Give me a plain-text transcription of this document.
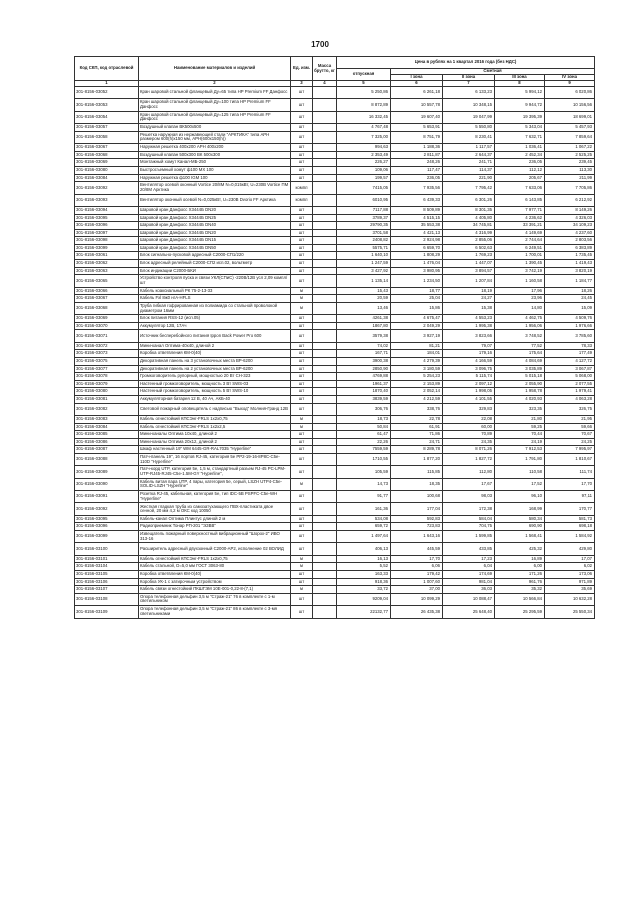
1700
Код СКП, код отраслевой	Наименование материалов и изделий	Ед. изм.	Масса брутто, кг	Цена в рублях на 1 квартал 2016 года (без НДС)				
				отпускная	Сметная			
					I зона	II зона	III зона	IV зона
1	2	3	4	5	6	7	8	9
301-8156-03052	Кран шаровой стальной фланцевый Ду=65 типа HP Premium FF Данфосс	шт		5 250,86	6 261,18	6 133,23	5 994,12	6 020,86
301-8156-03053	Кран шаровой стальной фланцевый Ду=100 типа HP Premium FF Данфосс	шт		8 872,89	10 557,78	10 348,15	9 944,72	10 156,56
301-8156-03054	Кран шаровой стальной фланцевый Ду=125 типа HP Premium FF Данфосс	шт		16 332,45	19 607,40	19 047,99	19 395,39	18 699,01
301-8156-03057	Воздушный клапан ВК500х500	шт		4 767,48	5 653,91	5 550,80	5 343,04	5 457,93
301-8156-03058	Решетка наружная из нержавеющей стали "АРКТИКА" типа АРН размером 600(h)х150 мм, АРН(600х150(h))	шт		7 325,00	8 751,79	8 230,41	7 632,71	7 859,64
301-8156-03067	Наружная решетка 400х200 АРН 400х200	шт		994,63	1 188,36	1 117,57	1 036,41	1 067,22
301-8156-03068	Воздушный клапан 500х300 ВК 500х300	шт		2 353,49	2 811,87	2 644,37	2 452,34	2 525,25
301-8156-03069	Монтажный хомут Канал-МБ-250	шт		226,27	248,26	241,71	236,05	239,45
301-8156-03080	Быстросъемный хомут ф100 MX 100	шт		109,06	117,47	114,37	112,12	113,30
301-8156-03084	Наружная решетка ф100 IGM 100	шт		199,57	236,05	221,90	205,67	211,99
301-8156-03092	Вентилятор осевой оконный Vortice 20/8M N=0,015кВт, U=230В Vortice ПМ 20/8М Арктика	компл		7415,05	7 935,56	7 795,42	7 633,06	7 705,86
301-8156-03093	Вентилятор оконный осевой N=0,025кВт, U=230В Dvorio FF Арктика	компл		6010,95	6 439,33	6 301,26	6 143,85	6 212,92
301-8156-03094	Шаровой кран Данфосс Х3444Б DN20	шт		7117,88	8 509,89	8 301,35	7 977,71	8 149,26
301-8156-03095	Шаровой кран Данфосс Х3444Б DN25	шт		3789,37	4 515,15	4 405,80	4 236,62	4 326,03
301-8156-03096	Шаровой кран Данфосс Х3444Б DN40	шт		29790,35	35 553,38	34 745,81	33 391,21	34 109,23
301-8156-03097	Шаровой кран Данфосс Х3444Б DN20	шт		3701,58	4 421,13	4 316,99	4 149,69	4 237,60
301-8156-03098	Шаровой кран Данфосс Х3444Б DN15	шт		2408,82	2 924,98	2 855,06	2 744,64	2 803,56
301-8156-03099	Шаровой кран Данфосс Х3444Б DN50	шт		5575,71	6 659,70	6 502,63	6 249,51	6 383,89
301-8156-03061	Блок сигнально-пусковой адресный С2000-СП1/220	шт		1 640,10	1 808,29	1 769,23	1 700,01	1 735,45
301-8156-03062	Блок адресный релейный С2000-СП2 исп.02, вольтметр	шт		1 247,59	1 476,04	1 447,07	1 390,45	1 419,43
301-8156-03063	Блок индикации С2000-БКИ	шт		3 427,92	3 980,95	3 894,57	3 742,19	3 820,19
301-8156-03065	Устройство контроля пуска и связи УКЛ(СПиС) -220В/12В усл 2,09 компл/шт	шт		1 135,14	1 234,50	1 207,84	1 160,58	1 184,77
301-8156-03066	Кабель коаксиальный РК 75-2-13-33	м		15,43	18,77	18,19	17,96	18,26
301-8156-03067	Кабель Fxl 8ж0 нгА-HFLS	м		20,59	25,04	24,27	23,96	24,45
301-8156-03068	Труба гибкая гофрированная из полиамида со стальной проволокой диаметром 16мм	м		13,46	15,86	15,38	14,80	15,09
301-8156-03069	Блок питания RSS-12 (исп.05)	шт		4261,38	4 675,47	4 553,23	4 462,75	4 509,76
301-8156-03070	Аккумулятор 12В, 17Ач	шт		1867,80	2 049,29	1 995,38	1 956,06	1 976,66
301-8156-03071	Источник бесперебойного питания Ippon Back Power Pro 600	шт		3579,38	3 927,19	3 823,66	3 748,52	3 785,60
301-8156-03072	Мини-канал Оптима-40х40, длиной 2	шт		74,02	81,21	79,07	77,52	78,33
301-8156-03073	Коробка ответвления КМ-0(40)	шт		167,71	184,01	179,16	175,64	177,49
301-8156-03075	Декоративная панель на 3 установочных места BP-6200	шт		3900,38	4 279,39	4 166,59	4 084,69	4 127,72
301-8156-03077	Декоративная панель на 2 установочных места BP-6200	шт		2850,90	3 180,59	3 096,75	3 035,89	3 067,87
301-8156-03078	Громкоговоритель рупорный, мощностью 20 Вт СН-323	шт		4769,88	5 254,23	5 115,74	5 015,18	5 068,00
301-8156-03079	Настенный громкоговоритель, мощность 3 Вт SWS-03	шт		1961,37	2 153,89	2 097,12	2 055,90	2 077,55
301-8156-03080	Настенный громкоговоритель, мощность 5 Вт SWS-10	шт		1870,40	2 052,14	1 998,05	1 958,78	1 979,41
301-8156-03081	Аккумуляторная батарея 12 В, 40 Ач, АКБ-40	шт		3839,59	4 212,59	4 101,55	4 020,93	4 063,28
301-8156-03082	Световой пожарный оповещатель с надписью "Выход" Молния-Гранд 12В	шт		306,76	338,76	329,83	323,35	326,75
301-8156-03083	Кабель огнестойкий КПСЭнг-FRLS 1х2х0,75	м		18,73	22,78	22,08	21,80	21,95
301-8156-03084	Кабель огнестойкий КПСЭнг-FRLS 1х2х2,5	м		50,84	61,91	60,00	59,25	59,66
301-8156-03085	Мини-каналы Оптима 10х40, длиной 2	шт		61,47	71,86	70,89	70,44	70,67
301-8156-03086	Мини-каналы Оптима 20х12, длиной 2	шт		22,26	24,71	24,35	24,19	24,25
301-8156-03087	Шкаф настенный 19" WM 6445-GR-RAL7035 "Hyperline"	шт		7559,59	8 289,78	8 071,26	7 912,53	7 995,97
301-8156-03088	Патч-панель 19", 16 портов RJ-45, категория 5е PP2-19-16-8P8C-C5e-110D "Hyperline"	шт		1710,55	1 877,20	1 827,72	1 791,80	1 810,67
301-8156-03089	Патч-корд UTP, категория 5е, 1,5 м, стандартный разъем RJ-45 PC-LPM-UTP-RJ45-RJ45-C5e-1.5M-GY "Hyperline",	шт		105,59	115,85	112,80	110,58	111,74
301-8156-03090	Кабель витая пара UTP, 4 пары, категория 5е, серый, LSZH UTP4-C5e-SOLID-LSZH "Hyperline"	м		14,73	18,35	17,67	17,52	17,70
301-8156-03091	Розетка RJ-45, кабельная, категория 5е, тип IDC-5B PSPFC-C5e-WH "Hyperline"	шт		91,77	100,68	98,03	96,10	97,11
301-8156-03092	Жесткая гладкая труба из самозатухающего ПВХ-пластиката двое сенной, 20 мм 4,2 м ОКС код 10050	шт		161,36	177,04	172,38	168,99	170,77
301-8156-03095	Кабель-канал Оптима Плинтус длиной 2 м	шт		534,08	592,83	584,04	580,34	581,73
301-8156-03096	Радиоприемник Тонар РП-201 "ЭЗВВ"	шт		659,72	723,83	704,75	690,90	698,18
301-8156-03099	Извещатель пожарный поверхностный вибрационный "Шорох-2" ИВО 313-16	шт		1 497,64	1 643,16	1 599,85	1 568,41	1 584,92
301-8156-03100	Расширитель адресный двухзонный С2000-АР2, исполнение 02 ВОЛИД	шт		406,13	445,59	433,85	425,32	429,80
301-8156-03101	Кабель огнестойкий КПСЭнг-FRLS 1х2х0,75	м		16,13	17,70	17,23	16,89	17,07
301-8156-03104	Кабель стальной, D=5,0 мм ГОСТ 3063-80	м		5,52	6,06	6,04	6,00	6,02
301-8156-03105	Коробка ответвления КМ-0(40)	шт		163,33	179,42	174,69	171,26	173,06
301-8156-03106	Коробка УК-1 с затирочным устройством	шт		918,36	1 007,60	981,04	961,76	971,89
301-8156-03107	Кабель связи огнестойкий ПКШГЭМ 10Е-001-0,22-8-(7,1)	м		33,72	37,00	36,03	35,32	35,69
301-8156-03108	Опора телефонная дельфин 3,5 м "Страж-21" 76 в комплекте с 1-м светильником	шт		9209,04	10 099,29	10 088,47	10 566,84	10 632,28
301-8156-03109	Опора телефонная дельфин 3,5 м "Страж-21" 86 в комплекте с 3-мя светильниками	шт		22132,77	26 435,38	25 648,40	25 295,59	25 550,34
